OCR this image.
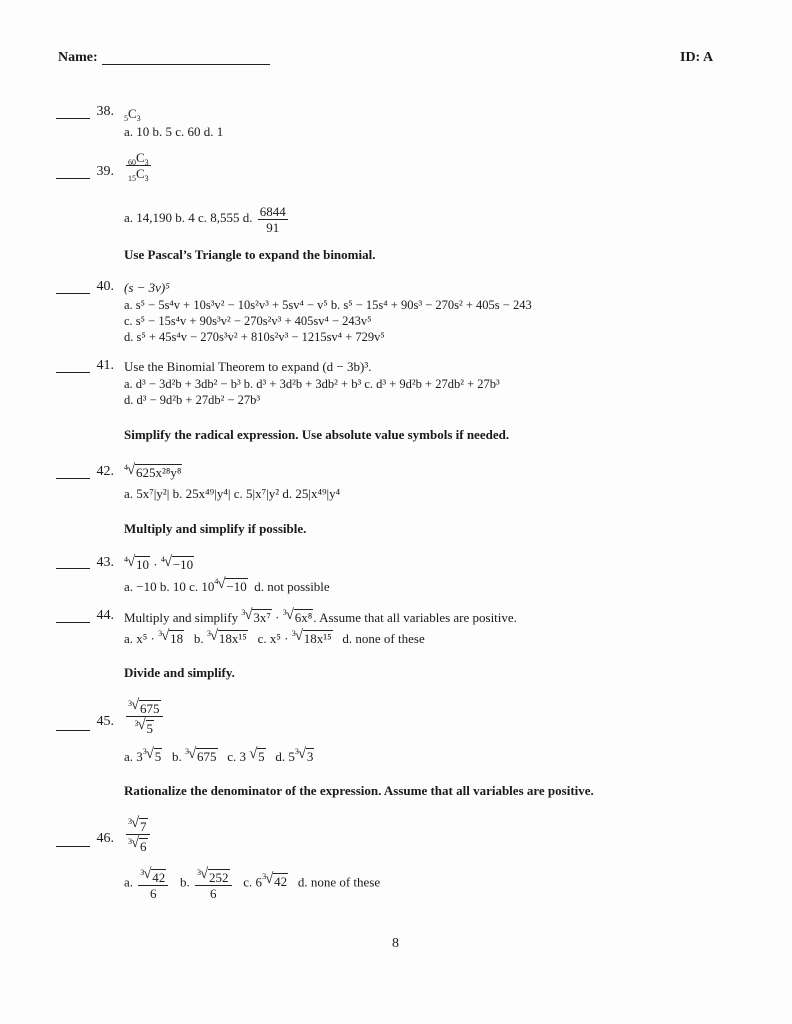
Name:	ID: A
38. $_5C_3$
a. 10 b. 5 c. 60 d. 1
39. $\frac{_{60}C_3}{_{15}C_3}$
a. 14,190 b. 4 c. 8,555 d. $\frac{6844}{91}$
Use Pascal’s Triangle to expand the binomial.
40. (s − 3v)⁵
a. s⁵ − 5s⁴v + 10s³v² − 10s²v³ + 5sv⁴ − v⁵ b. s⁵ − 15s⁴ + 90s³ − 270s² + 405s − 243
c. s⁵ − 15s⁴v + 90s³v² − 270s²v³ + 405sv⁴ − 243v⁵
d. s⁵ + 45s⁴v − 270s³v² + 810s²v³ − 1215sv⁴ + 729v⁵
41. Use the Binomial Theorem to expand (d − 3b)³.
a. d³ − 3d²b + 3db² − b³ b. d³ + 3d²b + 3db² + b³ c. d³ + 9d²b + 27db² + 27b³
d. d³ − 9d²b + 27db² − 27b³
Simplify the radical expression. Use absolute value symbols if needed.
42. 4 √ 625x²⁸y⁸
a. 5x⁷|y²| b. 25x⁴⁹|y⁴| c. 5|x⁷|y² d. 25|x⁴⁹|y⁴
Multiply and simplify if possible.
43. 4 √ 10 · 4 √ −10
a. −10 b. 10 c. 10 4 √ −10 d. not possible
44. Multiply and simplify 3 √ 3x⁷ · 3 √ 6x⁸. Assume that all variables are positive.
a. x⁵ · 3 √ 18 b. 3 √ 18x¹⁵ c. x⁵ · 3 √ 18x¹⁵ d. none of these
Divide and simplify.
45. $\frac{3 √ 675}{3 √ 5}$
a. 3 3 √ 5 b. 3 √ 675 c. 3 √ 5 d. 5 3 √ 3
Rationalize the denominator of the expression. Assume that all variables are positive.
46. $\frac{3 √ 7}{3 √ 6}$
a. $\frac{3 √ 42}{6} b$. $\frac{3 √ 252}{6} c$. 6 3 √ 42 d. none of these
8
